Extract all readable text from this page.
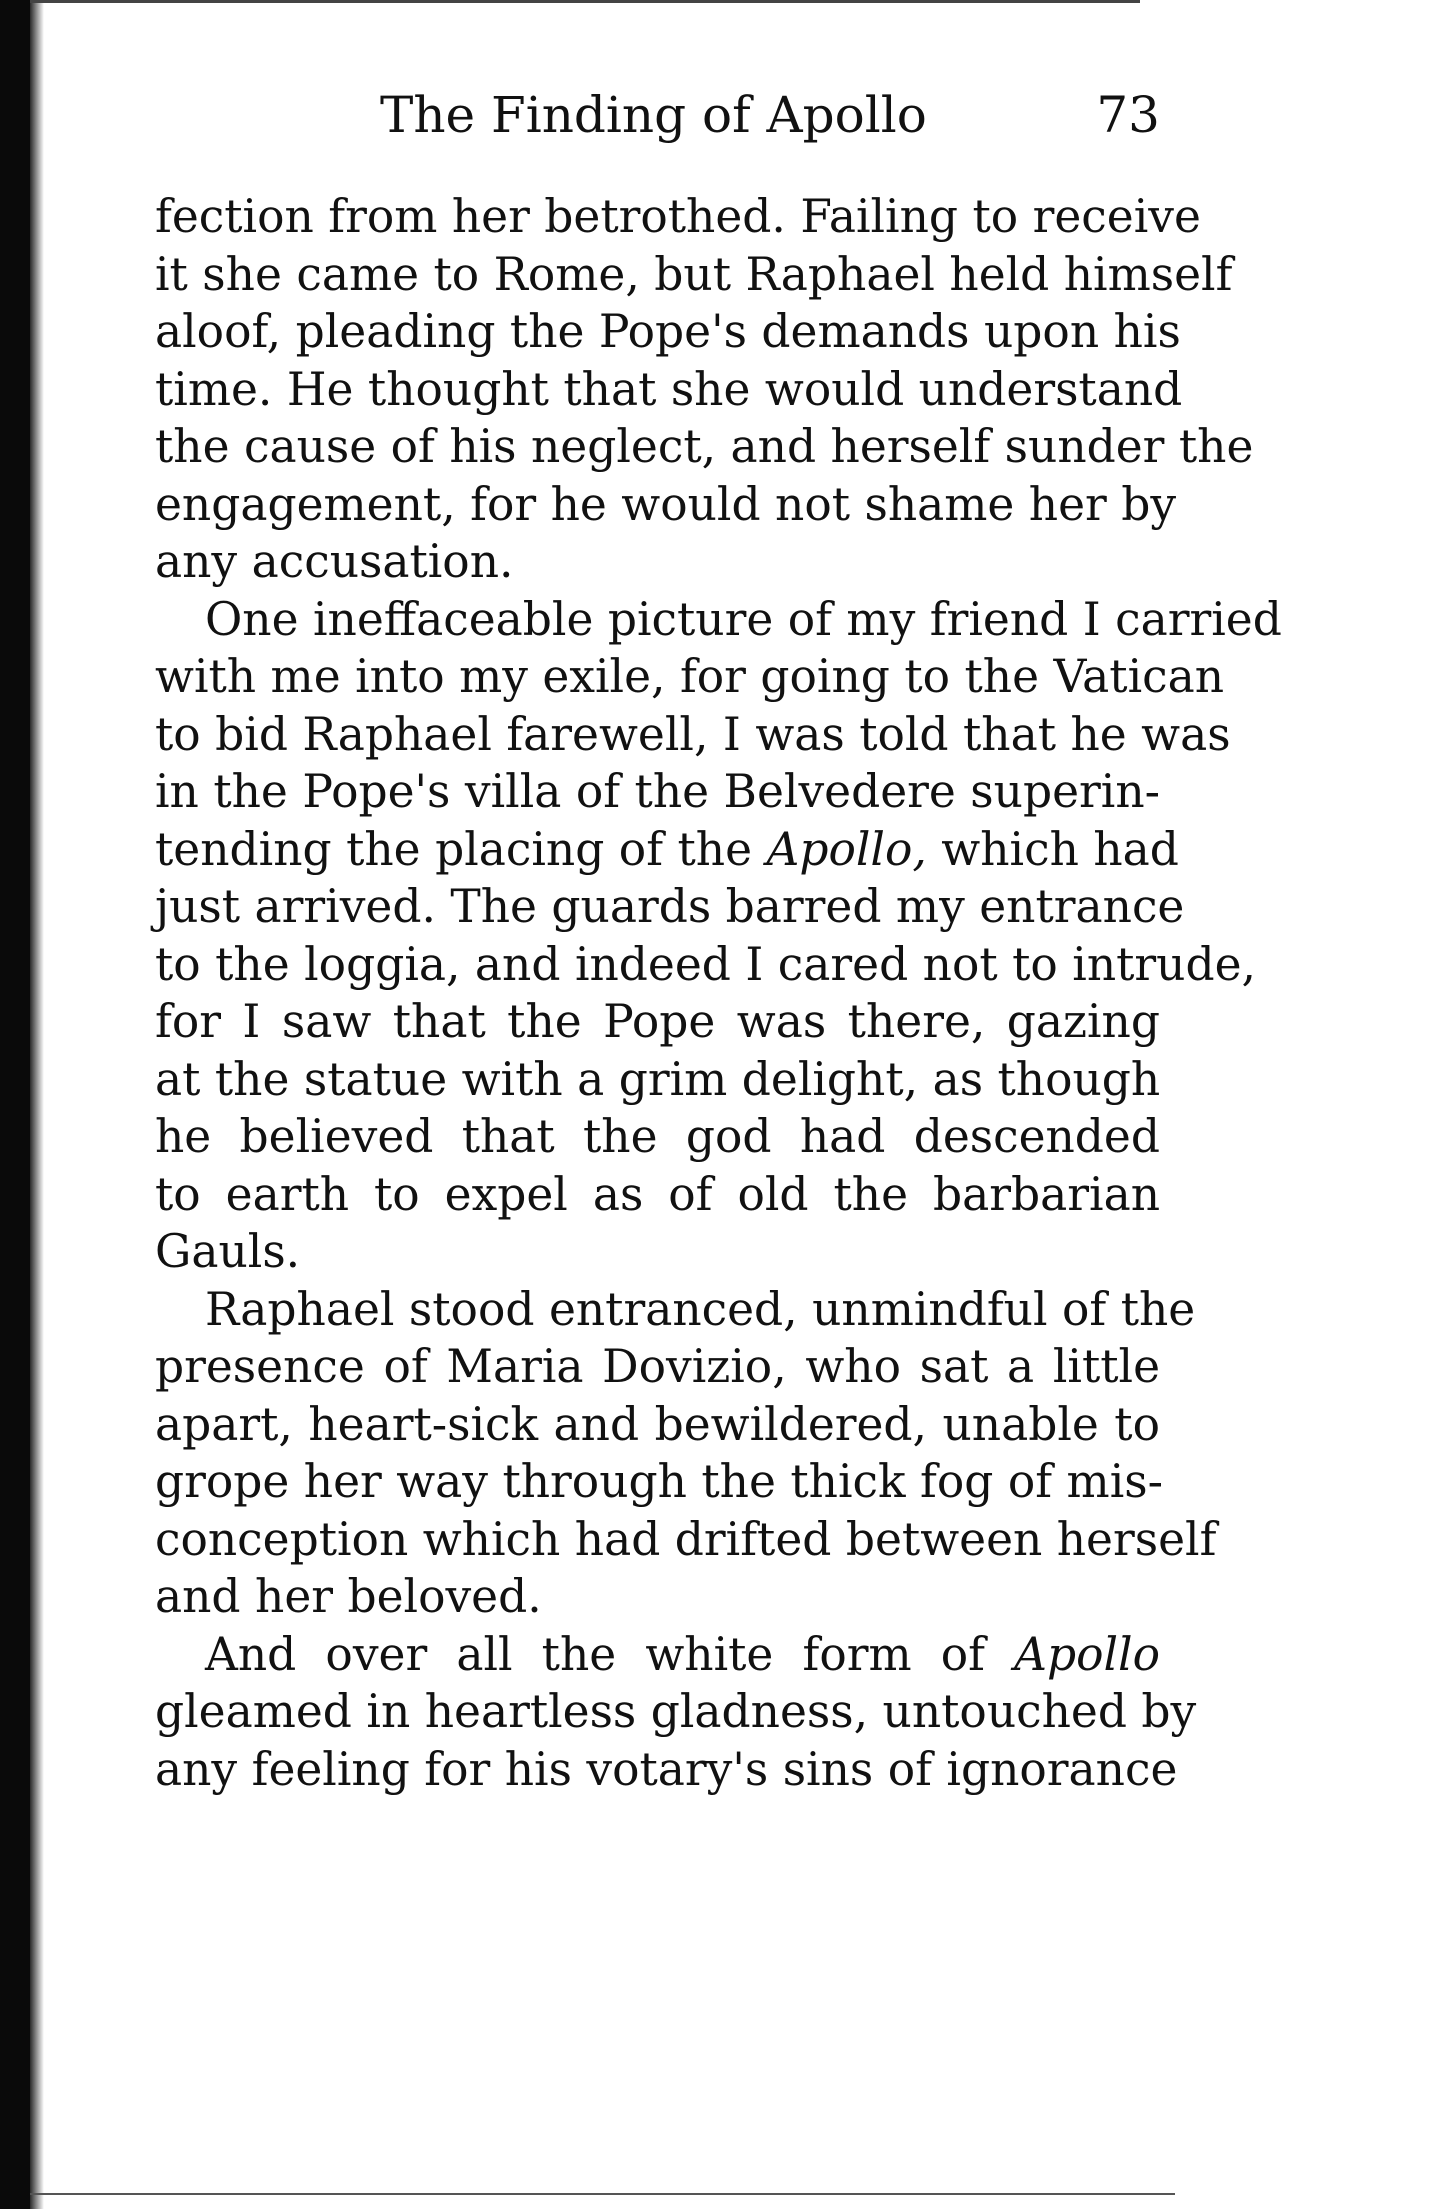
The Finding of Apollo	73
fection from her betrothed. Failing to receive
it she came to Rome, but Raphael held himself
aloof, pleading the Pope's demands upon his
time. He thought that she would understand
the cause of his neglect, and herself sunder the
engagement, for he would not shame her by
any accusation.
One ineffaceable picture of my friend I carried
with me into my exile, for going to the Vatican
to bid Raphael farewell, I was told that he was
in the Pope's villa of the Belvedere superin-
tending the placing of the Apollo, which had
just arrived. The guards barred my entrance
to the loggia, and indeed I cared not to intrude,
for I saw that the Pope was there, gazing
at the statue with a grim delight, as though
he believed that the god had descended
to earth to expel as of old the barbarian
Gauls.
Raphael stood entranced, unmindful of the
presence of Maria Dovizio, who sat a little
apart, heart-sick and bewildered, unable to
grope her way through the thick fog of mis-
conception which had drifted between herself
and her beloved.
And over all the white form of Apollo
gleamed in heartless gladness, untouched by
any feeling for his votary's sins of ignorance
